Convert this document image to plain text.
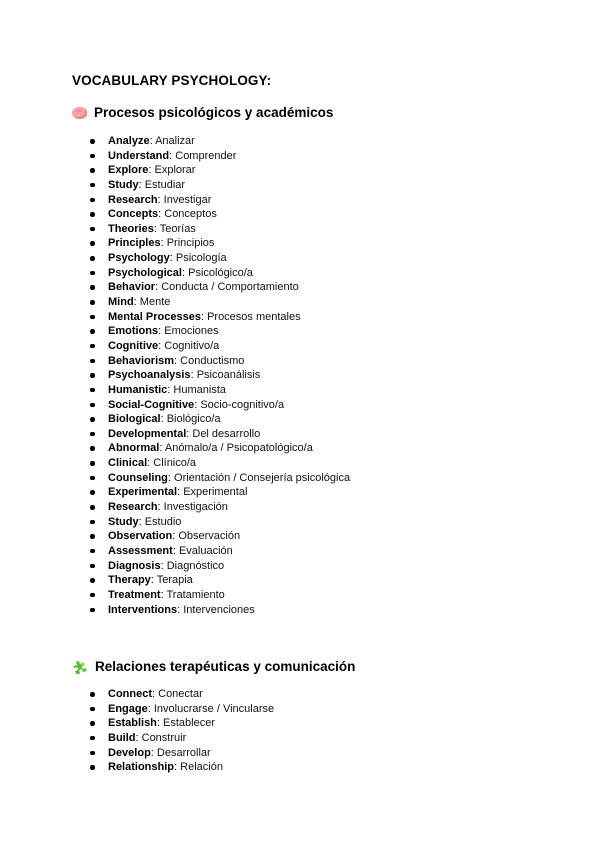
VOCABULARY PSYCHOLOGY:
Procesos psicológicos y académicos
Analyze: Analizar
Understand: Comprender
Explore: Explorar
Study: Estudiar
Research: Investigar
Concepts: Conceptos
Theories: Teorías
Principles: Principios
Psychology: Psicología
Psychological: Psicológico/a
Behavior: Conducta / Comportamiento
Mind: Mente
Mental Processes: Procesos mentales
Emotions: Emociones
Cognitive: Cognitivo/a
Behaviorism: Conductismo
Psychoanalysis: Psicoanálisis
Humanistic: Humanista
Social-Cognitive: Socio-cognitivo/a
Biological: Biológico/a
Developmental: Del desarrollo
Abnormal: Anómalo/a / Psicopatológico/a
Clinical: Clínico/a
Counseling: Orientación / Consejería psicológica
Experimental: Experimental
Research: Investigación
Study: Estudio
Observation: Observación
Assessment: Evaluación
Diagnosis: Diagnóstico
Therapy: Terapia
Treatment: Tratamiento
Interventions: Intervenciones
Relaciones terapéuticas y comunicación
Connect: Conectar
Engage: Involucrarse / Vincularse
Establish: Establecer
Build: Construir
Develop: Desarrollar
Relationship: Relación
